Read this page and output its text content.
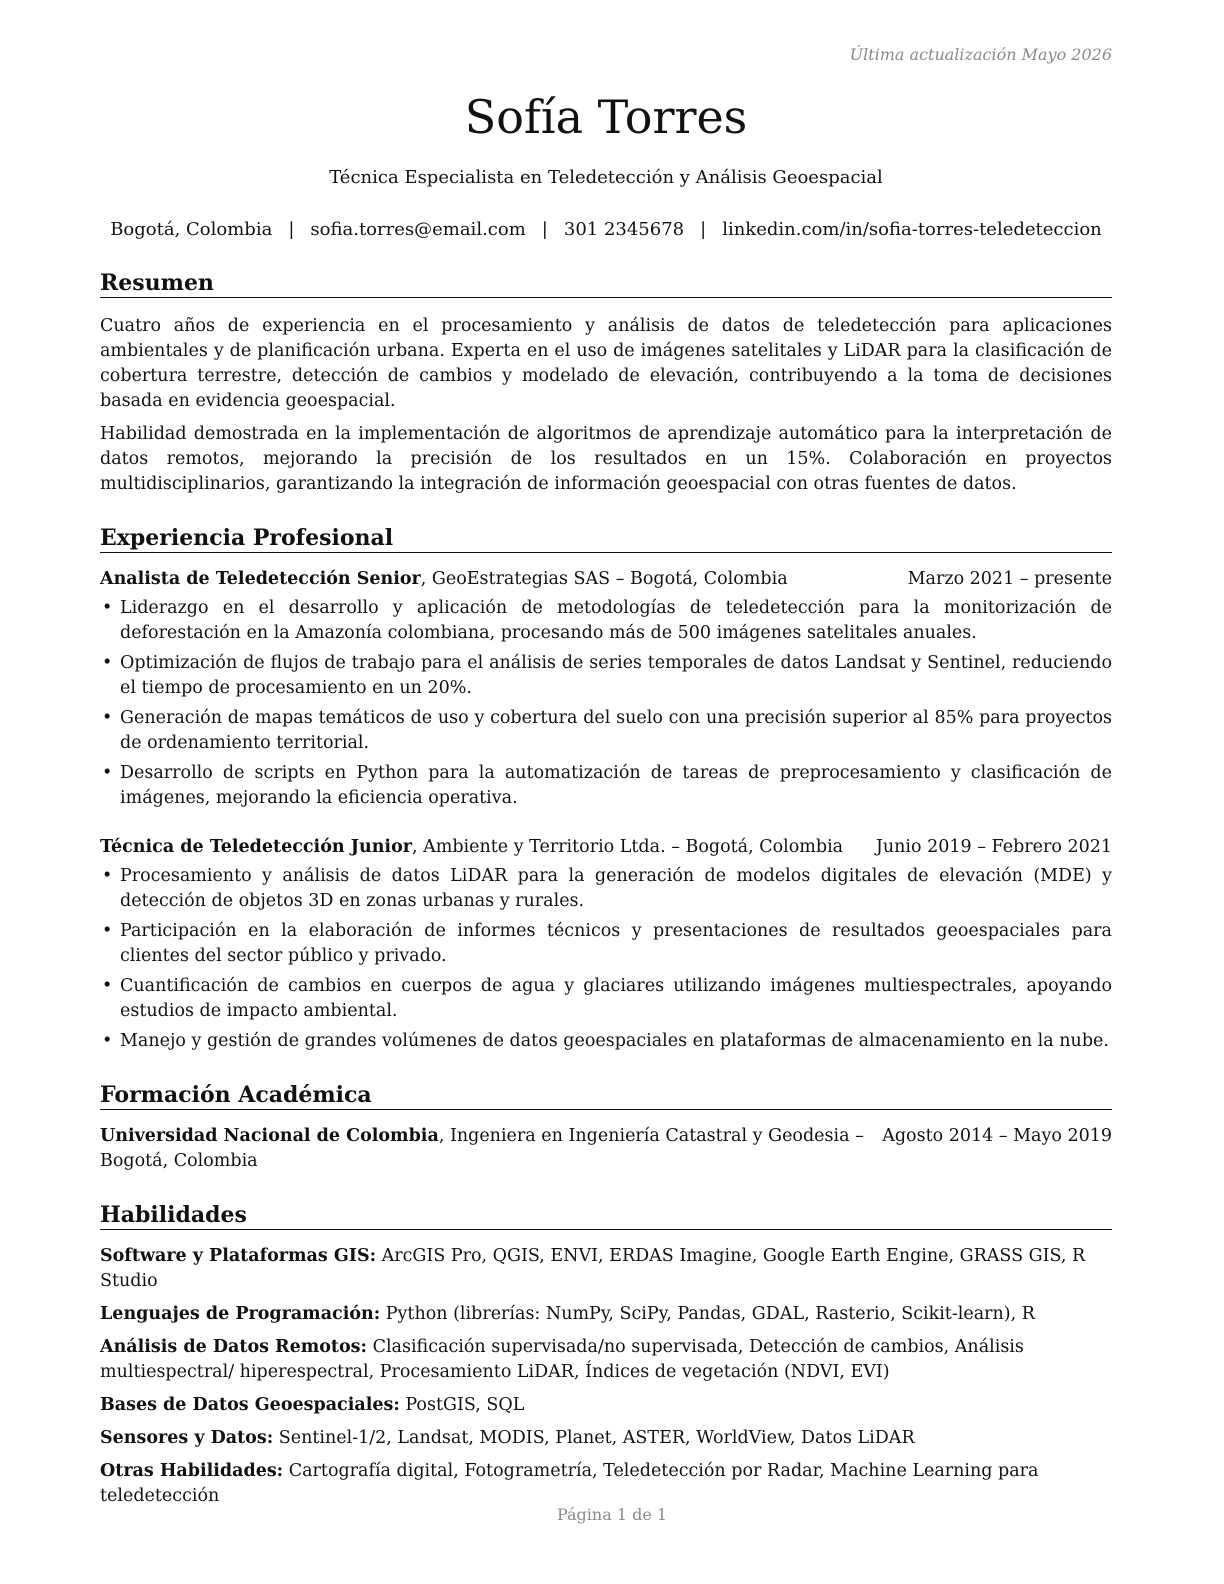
Última actualización Mayo 2026
Sofía Torres
Técnica Especialista en Teledetección y Análisis Geoespacial
Bogotá, Colombia | sofia.torres@email.com | 301 2345678 | linkedin.com/in/sofia-torres-teledeteccion
Resumen

Cuatro años de experiencia en el procesamiento y análisis de datos de teledetección para aplicaciones ambientales y de planificación urbana. Experta en el uso de imágenes satelitales y LiDAR para la clasificación de cobertura terrestre, detección de cambios y modelado de elevación, contribuyendo a la toma de decisiones basada en evidencia geoespacial.

Habilidad demostrada en la implementación de algoritmos de aprendizaje automático para la interpretación de datos remotos, mejorando la precisión de los resultados en un 15%. Colaboración en proyectos multidisciplinarios, garantizando la integración de información geoespacial con otras fuentes de datos.

Experiencia Profesional
Analista de Teledetección Senior, GeoEstrategias SAS – Bogotá, Colombia	Marzo 2021 – presente
• Liderazgo en el desarrollo y aplicación de metodologías de teledetección para la monitorización de deforestación en la Amazonía colombiana, procesando más de 500 imágenes satelitales anuales.
• Optimización de flujos de trabajo para el análisis de series temporales de datos Landsat y Sentinel, reduciendo el tiempo de procesamiento en un 20%.
• Generación de mapas temáticos de uso y cobertura del suelo con una precisión superior al 85% para proyectos de ordenamiento territorial.
• Desarrollo de scripts en Python para la automatización de tareas de preprocesamiento y clasificación de imágenes, mejorando la eficiencia operativa.
Técnica de Teledetección Junior, Ambiente y Territorio Ltda. – Bogotá, Colombia Junio 2019 – Febrero 2021
• Procesamiento y análisis de datos LiDAR para la generación de modelos digitales de elevación (MDE) y detección de objetos 3D en zonas urbanas y rurales.
• Participación en la elaboración de informes técnicos y presentaciones de resultados geoespaciales para clientes del sector público y privado.
• Cuantificación de cambios en cuerpos de agua y glaciares utilizando imágenes multiespectrales, apoyando estudios de impacto ambiental.
• Manejo y gestión de grandes volúmenes de datos geoespaciales en plataformas de almacenamiento en la nube.
Formación Académica
Universidad Nacional de Colombia, Ingeniera en Ingeniería Catastral y Geodesia – Agosto 2014 – Mayo 2019
Bogotá, Colombia
Habilidades
Software y Plataformas GIS: ArcGIS Pro, QGIS, ENVI, ERDAS Imagine, Google Earth Engine, GRASS GIS, R Studio
Lenguajes de Programación: Python (librerías: NumPy, SciPy, Pandas, GDAL, Rasterio, Scikit-learn), R
Análisis de Datos Remotos: Clasificación supervisada/no supervisada, Detección de cambios, Análisis multiespectral/ hiperespectral, Procesamiento LiDAR, Índices de vegetación (NDVI, EVI)
Bases de Datos Geoespaciales: PostGIS, SQL
Sensores y Datos: Sentinel-1/2, Landsat, MODIS, Planet, ASTER, WorldView, Datos LiDAR
Otras Habilidades: Cartografía digital, Fotogrametría, Teledetección por Radar, Machine Learning para teledetección
Página 1 de 1
